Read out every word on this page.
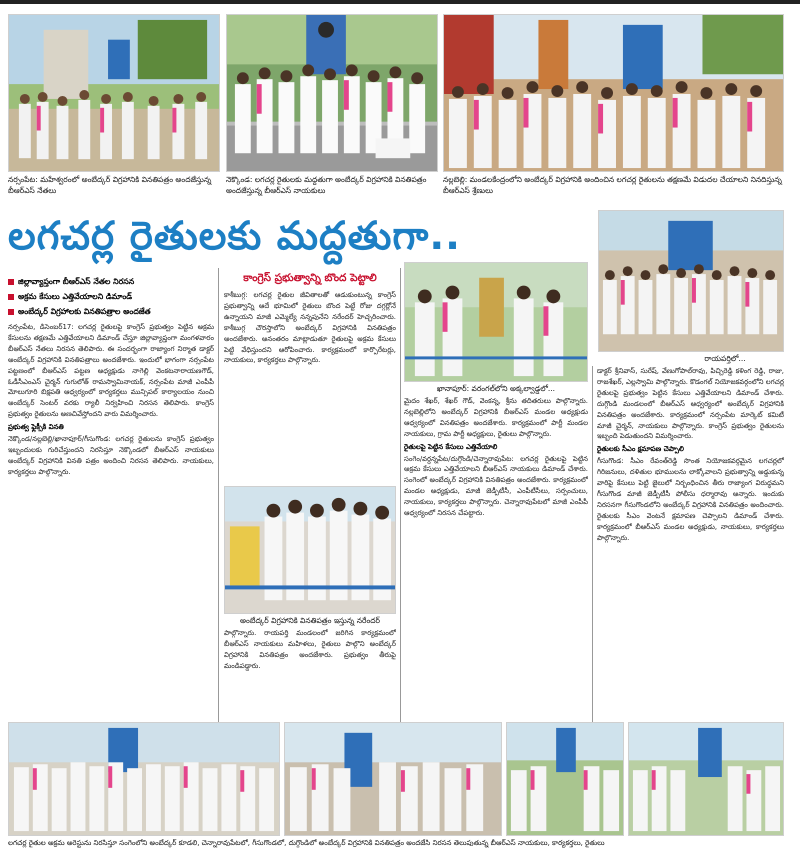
నర్సంపేట: మహేశ్వరంలో అంబేద్కర్ విగ్రహానికి వినతిపత్రం అందజేస్తున్న బీఆర్ఎస్ నేతలు
నెక్కొండ: లగచర్ల రైతులకు మద్దతుగా అంబేద్కర్ విగ్రహానికి వినతిపత్రం అందజేస్తున్న బీఆర్ఎస్ నాయకులు
నల్లబెల్లి: మండలకేంద్రంలోని అంబేద్కర్ విగ్రహానికి అందించిన లగచర్ల రైతులను తక్షణమే విడుదల చేయాలని నినదిస్తున్న బీఆర్ఎస్ శ్రేణులు
లగచర్ల రైతులకు మద్దతుగా..
రాయపర్తిలో...
జిల్లావ్యాప్తంగా బీఆర్ఎస్ నేతల నిరసన
అక్రమ కేసులు ఎత్తివేయాలని డిమాండ్
అంబేద్కర్ విగ్రహాలకు వినతిపత్రాల అందజేత
నర్సంపేట, డిసెంబర్17: లగచర్ల రైతులపై కాంగ్రెస్ ప్రభుత్వం పెట్టిన అక్రమ కేసులను తక్షణమే ఎత్తివేయాలని డిమాండ్ చేస్తూ జిల్లావ్యాప్తంగా మంగళవారం బీఆర్ఎస్ నేతలు నిరసన తెలిపారు. ఈ సందర్భంగా రాజ్యాంగ నిర్మాత డాక్టర్ అంబేద్కర్ విగ్రహానికి వినతిపత్రాలు అందజేశారు. ఇందులో భాగంగా నర్సంపేట పట్టణంలో బీఆర్ఎస్ పట్టణ అధ్యక్షుడు నాగెల్లి వెంకటనారాయణగౌడ్, ఓడీసీఎంఎస్ చైర్మన్ గుగులోత్ రామస్వామినాయక్, నర్సంపేట మాజీ ఎంపీపీ మోలుగూరి బిక్షపతి ఆధ్వర్యంలో కార్యకర్తలు మున్సిపల్ కార్యాలయం నుంచి అంబేద్కర్ సెంటర్ వరకు ర్యాలీ నిర్వహించి నిరసన తెలిపారు. కాంగ్రెస్ ప్రభుత్వం రైతులను అణచివేస్తోందని వారు విమర్శించారు.
ప్రభుత్వ ఫ్లెక్సీకి వినతి
నెక్కొండ/నల్లబెల్లి/ఖానాపూర్/గీసుగొండ: లగచర్ల రైతులను కాంగ్రెస్ ప్రభుత్వం ఇబ్బందులకు గురిచేస్తుందని నిరసిస్తూ నెక్కొండలో బీఆర్ఎస్ నాయకులు అంబేద్కర్ విగ్రహానికి వినతి పత్రం అందించి నిరసన తెలిపారు. నాయకులు, కార్యకర్తలు పాల్గొన్నారు.
కాంగ్రెస్ ప్రభుత్వాన్ని బొంద పెట్టాలి
కాశీబుగ్గ: లగచర్ల రైతుల జీవితాలతో ఆడుకుంటున్న కాంగ్రెస్ ప్రభుత్వాన్ని ఆదే భూమిలో రైతులు బొంద పెట్టే రోజు దగ్గర్లోనే ఉన్నాయని మాజీ ఎమ్మెల్యే నన్నపునేని నరేందర్ హెచ్చరించారు. కాశీబుగ్గ చౌరస్తాలోని అంబేద్కర్ విగ్రహానికి వినతిపత్రం అందజేశారు. అనంతరం మాట్లాడుతూ రైతులపై అక్రమ కేసులు పెట్టి వేధిస్తుందని ఆరోపించారు. కార్యక్రమంలో కార్పొరేటర్లు, నాయకులు, కార్యకర్తలు పాల్గొన్నారు.
అంబేద్కర్ విగ్రహానికి వినతిపత్రం ఇస్తున్న నరేందర్
పాల్గొన్నారు. రాయపర్తి మండలంలో జరిగిన కార్యక్రమంలో బీఆర్ఎస్ నాయకులు మహిళలు, రైతులు పాల్గొని అంబేద్కర్ విగ్రహానికి వినతిపత్రం అందజేశారు. ప్రభుత్వం తీరుపై మండిపడ్డారు.
ఖానాపూర్: వరంగల్‌లోని అక్కల్వాడ్డలో...
మైదం శేఖర్, శేఖర్ గౌడ్, వెంకన్న, శ్రీను తదితరులు పాల్గొన్నారు. నల్లబెల్లిలోని అంబేద్కర్ విగ్రహానికి బీఆర్ఎస్ మండల అధ్యక్షుడు ఆధ్వర్యంలో వినతిపత్రం అందజేశారు. కార్యక్రమంలో పార్టీ మండల నాయకులు, గ్రామ పార్టీ అధ్యక్షులు, రైతులు పాల్గొన్నారు.
రైతులపై పెట్టిన కేసులు ఎత్తివేయాలి
సంగెం/వర్ధన్నపేట/దుగ్గొండి/చెన్నారావుపేట: లగచర్ల రైతులపై పెట్టిన అక్రమ కేసులు ఎత్తివేయాలని బీఆర్ఎస్ నాయకులు డిమాండ్ చేశారు. సంగెంలో అంబేద్కర్ విగ్రహానికి వినతిపత్రం అందజేశారు. కార్యక్రమంలో మండల అధ్యక్షుడు, మాజీ జెడ్పీటీసీ, ఎంపీటీసీలు, సర్పంచులు, నాయకులు, కార్యకర్తలు పాల్గొన్నారు. చెన్నారావుపేటలో మాజీ ఎంపీపీ ఆధ్వర్యంలో నిరసన చేపట్టారు.
డాక్టర్ శ్రీనివాస్, సురేష్, వేణుగోపాల్‌రావు, పిచ్చిరెడ్డి కళింగ రెడ్డి, రాజు, రాజశేఖర్, ఎల్లస్వామి పాల్గొన్నారు. కొడంగల్ నియోజకవర్గంలోని లగచర్ల రైతులపై ప్రభుత్వం పెట్టిన కేసులు ఎత్తివేయాలని డిమాండ్ చేశారు. దుగ్గొండి మండలంలో బీఆర్ఎస్ ఆధ్వర్యంలో అంబేద్కర్ విగ్రహానికి వినతిపత్రం అందజేశారు. కార్యక్రమంలో నర్సంపేట మార్కెట్ కమిటీ మాజీ చైర్మన్, నాయకులు పాల్గొన్నారు. కాంగ్రెస్ ప్రభుత్వం రైతులను ఇబ్బంది పెడుతుందని విమర్శించారు.
రైతులకు సీఎం క్షమాపణ చెప్పాలి
గీసుగొండ: సీఎం రేవంత్‌రెడ్డి సొంత నియోజకవర్గమైన లగచర్లలో గిరిజనులు, దళితుల భూములను లాక్కోవాలని ప్రభుత్వాన్ని అడ్డుకున్న వారిపై కేసులు పెట్టి జైలులో నిర్బంధించిన తీరు రాజ్యాంగ విరుద్ధమని గీసుగొండ మాజీ జెడ్పీటీసీ పోలీసు ధర్మారావు అన్నారు. ఇందుకు నిరసనగా గీసుగొండలోని అంబేద్కర్ విగ్రహానికి వినతిపత్రం అందించారు. రైతులకు సీఎం వెంటనే క్షమాపణ చెప్పాలని డిమాండ్ చేశారు. కార్యక్రమంలో బీఆర్ఎస్ మండల అధ్యక్షుడు, నాయకులు, కార్యకర్తలు పాల్గొన్నారు.
లగచర్ల రైతుల అక్రమ అరెస్టును నిరసిస్తూ సంగెంలోని అంబేద్కర్ కూడలి, చెన్నారావుపేటలో, గీసుగొండలో, దుగ్గొండిలో అంబేద్కర్ విగ్రహానికి వినతిపత్రం అందజేసి నిరసన తెలుపుతున్న బీఆర్ఎస్ నాయకులు, కార్యకర్తలు, రైతులు
